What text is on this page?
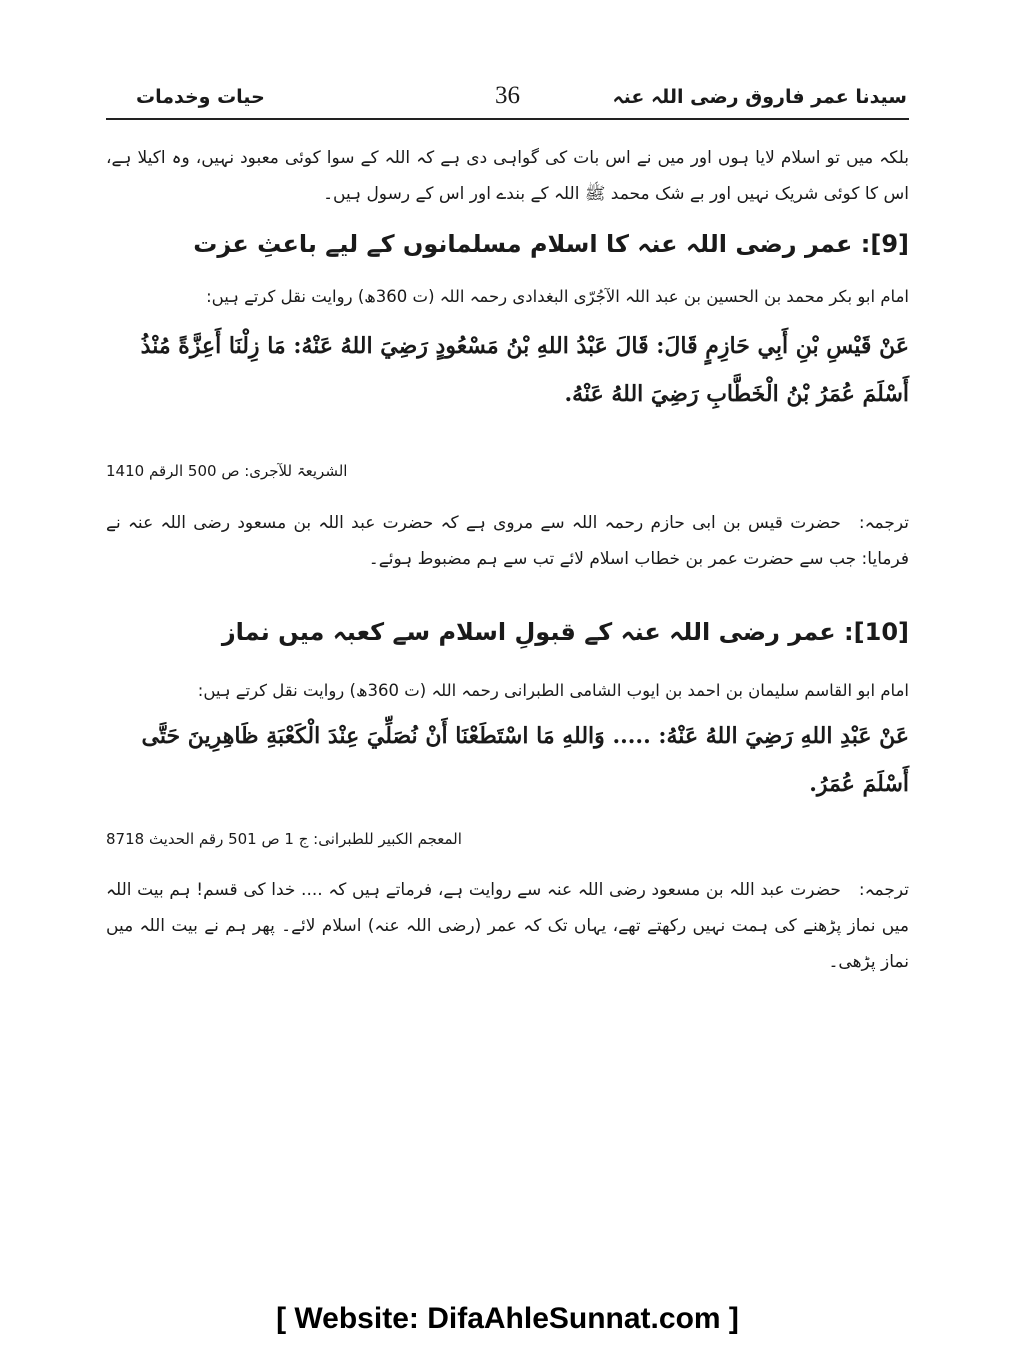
حیات وخدمات	36	سیدنا عمر فاروق رضی اللہ عنہ
بلکہ میں تو اسلام لایا ہوں اور میں نے اس بات کی گواہی دی ہے کہ اللہ کے سوا کوئی معبود نہیں، وہ اکیلا ہے، اس کا کوئی شریک نہیں اور بے شک محمد ﷺ اللہ کے بندے اور اس کے رسول ہیں۔
[9]: عمر رضی اللہ عنہ کا اسلام مسلمانوں کے لیے باعثِ عزت
امام ابو بکر محمد بن الحسین بن عبد اللہ الآجُرّی البغدادی رحمہ اللہ (ت 360ھ) روایت نقل کرتے ہیں:
عَنْ قَيْسِ بْنِ أَبِي حَازِمٍ قَالَ: قَالَ عَبْدُ اللهِ بْنُ مَسْعُودٍ رَضِيَ اللهُ عَنْهُ: مَا زِلْنَا أَعِزَّةً مُنْذُ أَسْلَمَ عُمَرُ بْنُ الْخَطَّابِ رَضِيَ اللهُ عَنْهُ.
الشریعۃ للآجری: ص 500 الرقم 1410
ترجمہ:حضرت قیس بن ابی حازم رحمہ اللہ سے مروی ہے کہ حضرت عبد اللہ بن مسعود رضی اللہ عنہ نے فرمایا: جب سے حضرت عمر بن خطاب اسلام لائے تب سے ہم مضبوط ہوئے۔
[10]: عمر رضی اللہ عنہ کے قبولِ اسلام سے کعبہ میں نماز
امام ابو القاسم سلیمان بن احمد بن ایوب الشامی الطبرانی رحمہ اللہ (ت 360ھ) روایت نقل کرتے ہیں:
عَنْ عَبْدِ اللهِ رَضِيَ اللهُ عَنْهُ: ..... وَاللهِ مَا اسْتَطَعْنَا أَنْ نُصَلِّيَ عِنْدَ الْكَعْبَةِ ظَاهِرِينَ حَتَّى أَسْلَمَ عُمَرُ.
المعجم الکبیر للطبرانی: ج 1 ص 501 رقم الحدیث 8718
ترجمہ:حضرت عبد اللہ بن مسعود رضی اللہ عنہ سے روایت ہے، فرماتے ہیں کہ .... خدا کی قسم! ہم بیت اللہ میں نماز پڑھنے کی ہمت نہیں رکھتے تھے، یہاں تک کہ عمر (رضی اللہ عنہ) اسلام لائے۔ پھر ہم نے بیت اللہ میں نماز پڑھی۔
[ Website: DifaAhleSunnat.com ]
